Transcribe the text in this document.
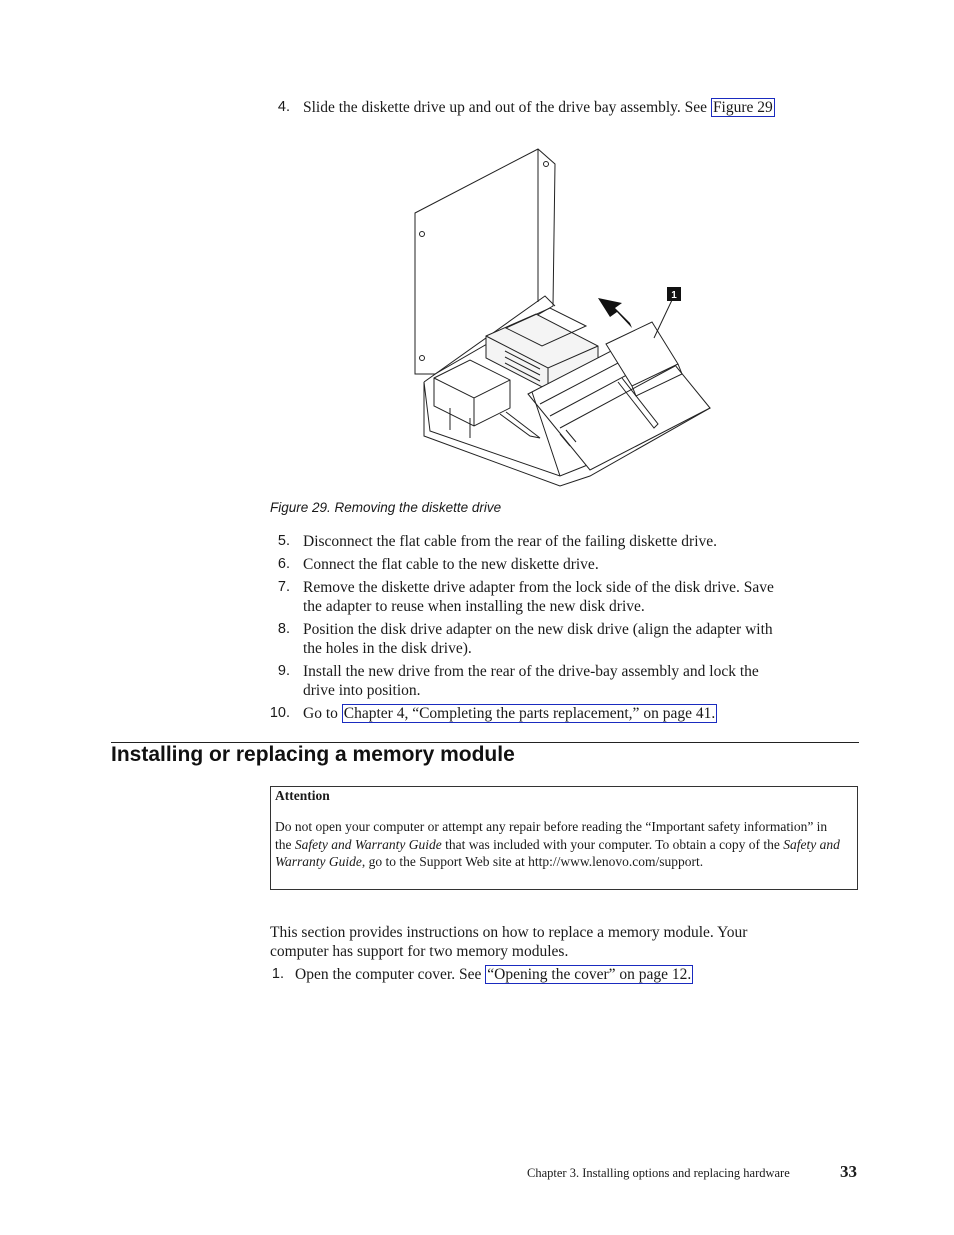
4. Slide the diskette drive up and out of the drive bay assembly. See Figure 29
1
Figure 29. Removing the diskette drive
5. Disconnect the flat cable from the rear of the failing diskette drive.
6. Connect the flat cable to the new diskette drive.
7. Remove the diskette drive adapter from the lock side of the disk drive. Save
the adapter to reuse when installing the new disk drive.
8. Position the disk drive adapter on the new disk drive (align the adapter with
the holes in the disk drive).
9. Install the new drive from the rear of the drive-bay assembly and lock the
drive into position.
10. Go to Chapter 4, “Completing the parts replacement,” on page 41.
Installing or replacing a memory module
Attention
Do not open your computer or attempt any repair before reading the “Important safety information” in the Safety and Warranty Guide that was included with your computer. To obtain a copy of the Safety and Warranty Guide, go to the Support Web site at http://www.lenovo.com/support.
This section provides instructions on how to replace a memory module. Your
computer has support for two memory modules.
1. Open the computer cover. See “Opening the cover” on page 12.
Chapter 3. Installing options and replacing hardware	33
